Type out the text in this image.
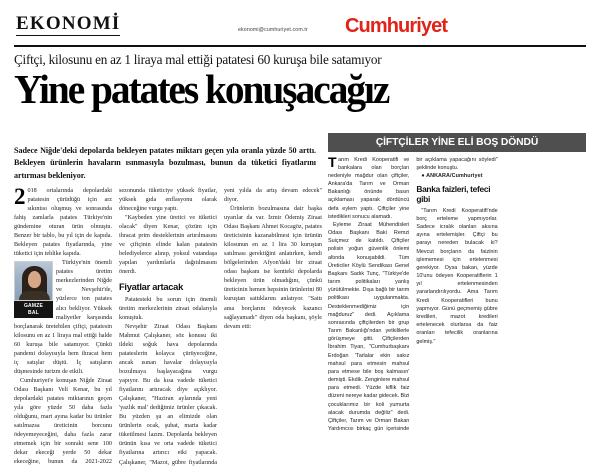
EKONOMİ	ekonomi@cumhuriyet.com.tr Cumhuriyet
Çiftçi, kilosunu en az 1 liraya mal ettiği patatesi 60 kuruşa bile satamıyor
Yine patates konuşacağız
Sadece Niğde'deki depolarda bekleyen patates miktarı geçen yıla oranla yüzde 50 arttı. Bekleyen ürünlerin havaların ısınmasıyla bozulması, bunun da tüketici fiyatlarını artırması bekleniyor.

2 018 ortalarında depolardaki patatesin çürüdüğü için arz sıkıntısı oluşmuş ve sonrasında fahiş zamlarla patates Türkiye'nin gündemine oturan ürün olmuştu. Benzer bir tablo, bu yıl için de kapıda. Bekleyen patates fiyatlarında, yine tüketici için tehlike kapıda.

GAMZE
BAL

Türkiye'nin önemli patates üretim merkezlerinden Niğde ve Nevşehir'de, yüzlerce ton patates alıcı bekliyor. Yüksek maliyetler karşısında borçlanarak üretebilen çiftçi, patatesin kilosunu en az 1 liraya mal ettiği halde 60 kuruşa bile satamıyor. Çünkü pandemi dolayısıyla hem ihracat hem iç satışlar düştü. İç satışların düşmesinde turizm de etkili.

Cumhuriyet'e konuşan Niğde Ziraat Odası Başkanı Veli Kenar, bu yıl depolardaki patates miktarının geçen yıla göre yüzde 50 daha fazla olduğunu, mart ayına kadar bu ürünler satılmazsa üreticinin borcunu ödeyemeyeceğini, daha fazla zarar etmemek için bir sonraki sene 100 dekar ekeceği yerde 50 dekar ekeceğine, bunun da 2021-2022 sezonunda tüketiciye yüksek fiyatlar, yüksek gıda enflasyonu olarak döneceğine vurgu yaptı.

"Kaybeden yine üretici ve tüketici olacak" diyen Kenar, çözüm için ihracat prim desteklerinin artırılmasını ve çiftçinin elinde kalan patatesin belediyelerce alınıp, yoksul vatandaşa yapılan yardımlarla dağıtılmasını önerdi.

Fiyatlar artacak

Patatesteki bu sorun için önemli üretim merkezlerinin ziraat odalarıyla konuştuk.

Nevşehir Ziraat Odası Başkanı Mahmut Çalışkaner, söz konusu iki ildeki soğuk hava depolarında patateslerin kolayca çürüyeceğine, ancak ısınan havalar dolayısıyla bozulmaya başlayacağına vurgu yapıyor. Bu da kısa vadede tüketici fiyatlarını artıracak diye açıklıyor. Çalışkaner, "Haziran aylarında yeni 'yazlık mal' dediğimiz ürünler çıkacak. Bu yüzden şu an elimizde olan ürünlerin ocak, şubat, marta kadar tüketilmesi lazım. Depolarda bekleyen ürünün kısa ve orta vadede tüketici fiyatlarına artırıcı etki yapacak. Çalışkaner, "Mazot, gübre fiyatlarında yeni yılda da artış devam edecek" diyor.

Ürünlerin bozulmasına dair başka uyarılar da var. İzmir Ödemiş Ziraat Odası Başkanı Ahmet Kocagöz, patates üreticisinin kazanabilmesi için ürünün kilosunun en az 1 lira 30 kuruştan satılması gerektiğini anlatırken, kendi bölgelerinden Afyon'daki bir ziraat odası başkanı ise kentteki depolarda bekleyen ürün olmadığını, çünkü üreticinin hemen hepsinin ürünlerini 80 kuruştan sattıklarını anlatıyor. "Sattı ama borçlarını ödeyecek kazancı sağlayamadı" diyen oda başkanı, şöyle devam etti:

ÇİFTÇİLER YİNE ELİ BOŞ DÖNDÜ

Tarım Kredi Kooperatifi ve bankalara olan borçları nedeniyle mağdur olan çiftçiler, Ankara'da Tarım ve Orman Bakanlığı önünde basın açıklaması yaparak dördüncü defa eylem yaptı. Çiftçiler yine istedikleri sonucu alamadı.

Eyleme Ziraat Mühendisleri Odası Başkanı Baki Remzi Suiçmez de katıldı. Çiftçiler polisin yoğun güvenlik önlemi altında konuşabildi. Tüm Üreticiler Köylü Sendikası Genel Başkanı Sadık Tunç, "Türkiye'de tarım politikaları yanlış yürütülmekte. Dışa bağlı bir tarım politikası uygulanmakta. Desteklenmediğimiz için mağduruz" dedi. Açıklama sonrasında çiftçilerden bir grup Tarım Bakanlığı'ndan yetkililerle görüşmeye gitti. Çiftçilerden İbrahim Tiyan, "Cumhurbaşkanı Erdoğan 'Tarlalar ekin sakız mahsul para etmesin mahsul para etmese bile boş kalmasın' demişti. Ekdik. Zenginlere mahsul para etmedi. Yüzde kiflik faiz düzeni nereye kadar gidecek. Bizi çocuklarımız bir koli yumurta alacak durumda değiliz" dedi. Çiftçiler, Tarım ve Orman Bakan Yardımcısı birkaç gün içerisinde bir açıklama yapacağını söyledi" şeklinde konuştu.

● ANKARA/Cumhuriyet

Banka faizleri, tefeci gibi

"Tarım Kredi Kooperatifi'nde borç erteleme yapmıyorlar. Sadece icralık olanları aksına ayına ertelemişler. Çiftçi bu parayı nereden bulacak ki? Mevcut borçların da faizinin işlememesi için ertelenmesi gerekiyor. Oysa bakan, yüzde 10'unu ödeyen Kooperatiflerin 1 yıl ertelenmesinden yararlandırılıyordu. Ama Tarım Kredi Kooperatifleri bunu yapmıyor. Günü geçmemiş gübre kredileri, mazot kredileri ertelenecek olurlarsa da faiz oranları tefecilik oranlarına gelmiş."
